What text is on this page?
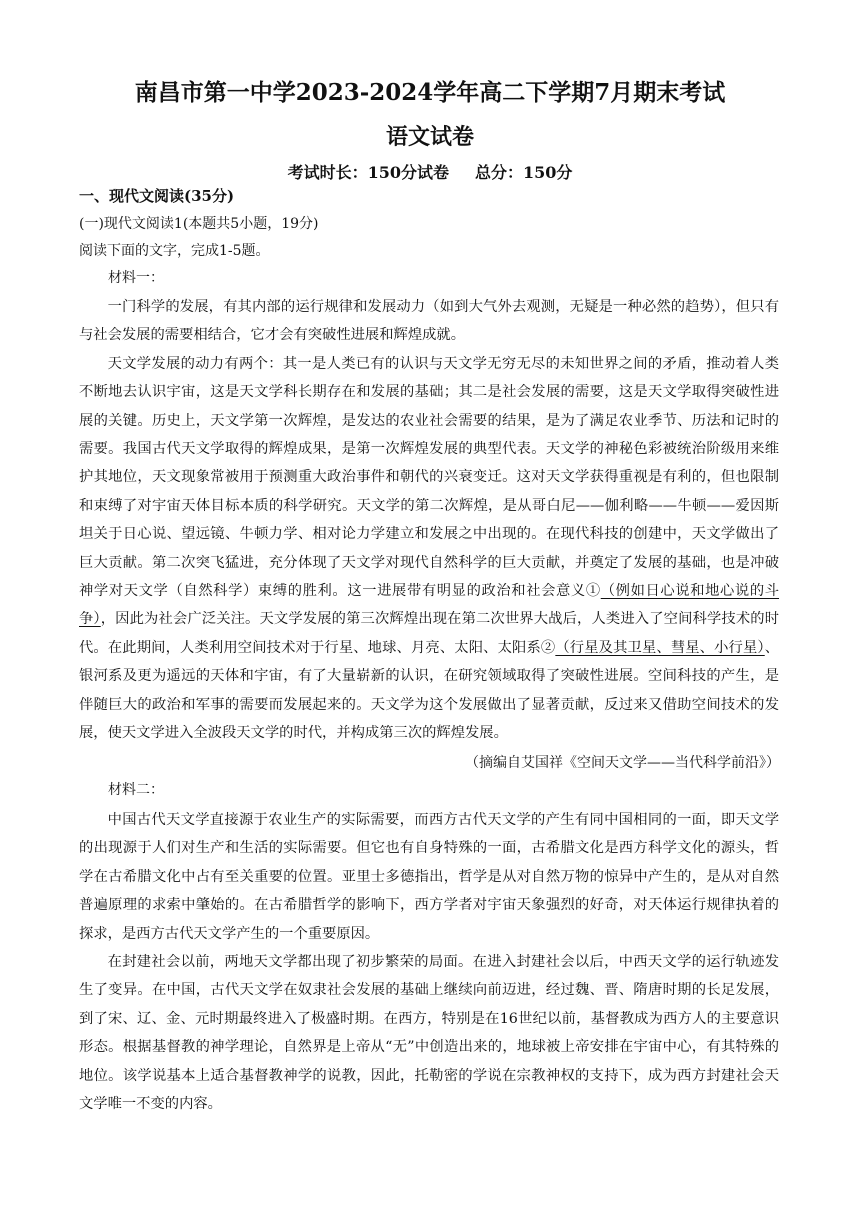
南昌市第一中学2023-2024学年高二下学期7月期末考试
语文试卷
考试时长：150分试卷 总分：150分
一、现代文阅读(35分)
(一)现代文阅读1(本题共5小题，19分)
阅读下面的文字，完成1-5题。
材料一：

一门科学的发展，有其内部的运行规律和发展动力（如到大气外去观测，无疑是一种必然的趋势），但只有与社会发展的需要相结合，它才会有突破性进展和辉煌成就。

天文学发展的动力有两个：其一是人类已有的认识与天文学无穷无尽的未知世界之间的矛盾，推动着人类不断地去认识宇宙，这是天文学科长期存在和发展的基础；其二是社会发展的需要，这是天文学取得突破性进展的关键。历史上，天文学第一次辉煌，是发达的农业社会需要的结果，是为了满足农业季节、历法和记时的需要。我国古代天文学取得的辉煌成果，是第一次辉煌发展的典型代表。天文学的神秘色彩被统治阶级用来维护其地位，天文现象常被用于预测重大政治事件和朝代的兴衰变迁。这对天文学获得重视是有利的，但也限制和束缚了对宇宙天体目标本质的科学研究。天文学的第二次辉煌，是从哥白尼——伽利略——牛顿——爱因斯坦关于日心说、望远镜、牛顿力学、相对论力学建立和发展之中出现的。在现代科技的创建中，天文学做出了巨大贡献。第二次突飞猛进，充分体现了天文学对现代自然科学的巨大贡献，并奠定了发展的基础，也是冲破神学对天文学（自然科学）束缚的胜利。这一进展带有明显的政治和社会意义①（例如日心说和地心说的斗争），因此为社会广泛关注。天文学发展的第三次辉煌出现在第二次世界大战后，人类进入了空间科学技术的时代。在此期间，人类利用空间技术对于行星、地球、月亮、太阳、太阳系②（行星及其卫星、彗星、小行星）、银河系及更为遥远的天体和宇宙，有了大量崭新的认识，在研究领域取得了突破性进展。空间科技的产生，是伴随巨大的政治和军事的需要而发展起来的。天文学为这个发展做出了显著贡献，反过来又借助空间技术的发展，使天文学进入全波段天文学的时代，并构成第三次的辉煌发展。

（摘编自艾国祥《空间天文学——当代科学前沿》）
材料二：

中国古代天文学直接源于农业生产的实际需要，而西方古代天文学的产生有同中国相同的一面，即天文学的出现源于人们对生产和生活的实际需要。但它也有自身特殊的一面，古希腊文化是西方科学文化的源头，哲学在古希腊文化中占有至关重要的位置。亚里士多德指出，哲学是从对自然万物的惊异中产生的，是从对自然普遍原理的求索中肇始的。在古希腊哲学的影响下，西方学者对宇宙天象强烈的好奇，对天体运行规律执着的探求，是西方古代天文学产生的一个重要原因。

在封建社会以前，两地天文学都出现了初步繁荣的局面。在进入封建社会以后，中西天文学的运行轨迹发生了变异。在中国，古代天文学在奴隶社会发展的基础上继续向前迈进，经过魏、晋、隋唐时期的长足发展，到了宋、辽、金、元时期最终进入了极盛时期。在西方，特别是在16世纪以前，基督教成为西方人的主要意识形态。根据基督教的神学理论，自然界是上帝从“无”中创造出来的，地球被上帝安排在宇宙中心，有其特殊的地位。该学说基本上适合基督教神学的说教，因此，托勒密的学说在宗教神权的支持下，成为西方封建社会天文学唯一不变的内容。
